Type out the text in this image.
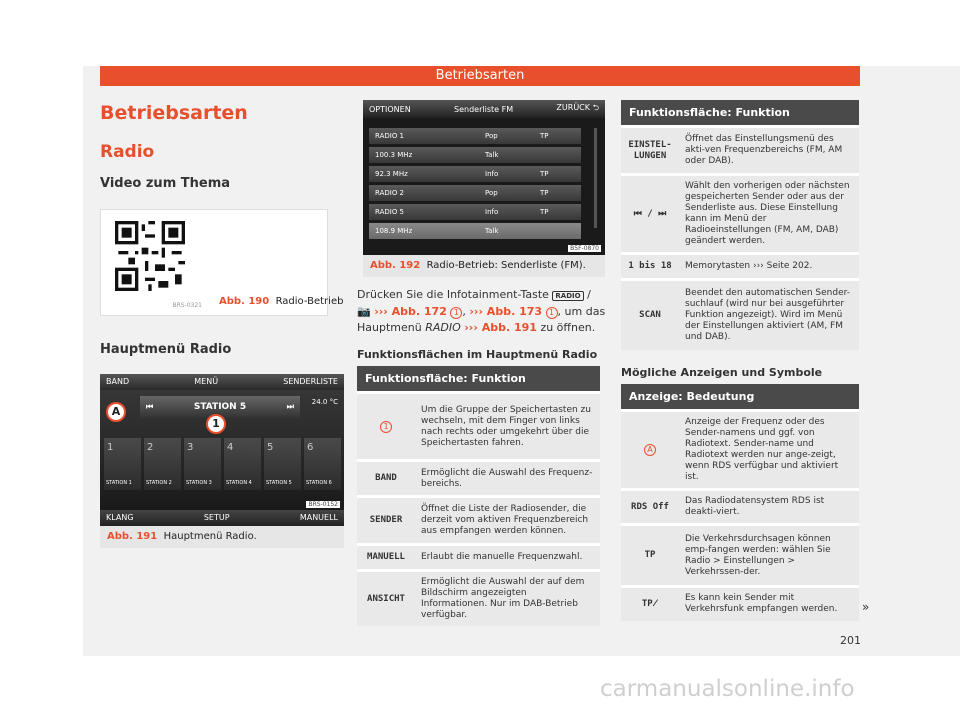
Betriebsarten
Betriebsarten
Radio
Video zum Thema
BRS-0321 Abb. 190 Radio-Betrieb
Hauptmenü Radio
BAND	MENÜ	SENDERLISTE
⏮	STATION 5	⏭	24.0 °C
A
1
1
STATION 1
2
STATION 2
3
STATION 3
4
STATION 4
5
STATION 5
6
STATION 6
KLANG	SETUP	MANUELL
BRS-0152
Abb. 191 Hauptmenü Radio.
OPTIONEN	Senderliste FM	ZURÜCK ⮌
RADIO 1	Pop	TP
100.3 MHz	Talk
92.3 MHz	Info	TP
RADIO 2	Pop	TP
RADIO 5	Info	TP
108.9 MHz	Talk
B5F-0870
Abb. 192 Radio-Betrieb: Senderliste (FM).
Drücken Sie die Infotainment-Taste RADIO / 📷 ››› Abb. 172 1 , ››› Abb. 173 1 , um das Hauptmenü RADIO ››› Abb. 191 zu öffnen.
Funktionsflächen im Hauptmenü Radio
Funktionsfläche: Funktion
1	Um die Gruppe der Speichertasten zu wechseln, mit dem Finger von links nach rechts oder umgekehrt über die Speichertasten fahren.
BAND	Ermöglicht die Auswahl des Frequenz-bereichs.
SENDER	Öffnet die Liste der Radiosender, die derzeit vom aktiven Frequenzbereich aus empfangen werden können.
MANUELL	Erlaubt die manuelle Frequenzwahl.
ANSICHT	Ermöglicht die Auswahl der auf dem Bildschirm angezeigten Informationen. Nur im DAB-Betrieb verfügbar.
Funktionsfläche: Funktion
EINSTEL-LUNGEN	Öffnet das Einstellungsmenü des akti-ven Frequenzbereichs (FM, AM oder DAB).
⏮ / ⏭	Wählt den vorherigen oder nächsten gespeicherten Sender oder aus der Senderliste aus. Diese Einstellung kann im Menü der Radioeinstellungen (FM, AM, DAB) geändert werden.
1 bis 18	Memorytasten ››› Seite 202.
SCAN	Beendet den automatischen Sender-suchlauf (wird nur bei ausgeführter Funktion angezeigt). Wird im Menü der Einstellungen aktiviert (AM, FM und DAB).
Mögliche Anzeigen und Symbole
Anzeige: Bedeutung
A	Anzeige der Frequenz oder des Sender-namens und ggf. von Radiotext. Sender-name und Radiotext werden nur ange-zeigt, wenn RDS verfügbar und aktiviert ist.
RDS Off	Das Radiodatensystem RDS ist deakti-viert.
TP	Die Verkehrsdurchsagen können emp-fangen werden: wählen Sie Radio > Einstellungen > Verkehrssen-der.
TP̸	Es kann kein Sender mit Verkehrsfunk empfangen werden. »
201
carmanualsonline.info
